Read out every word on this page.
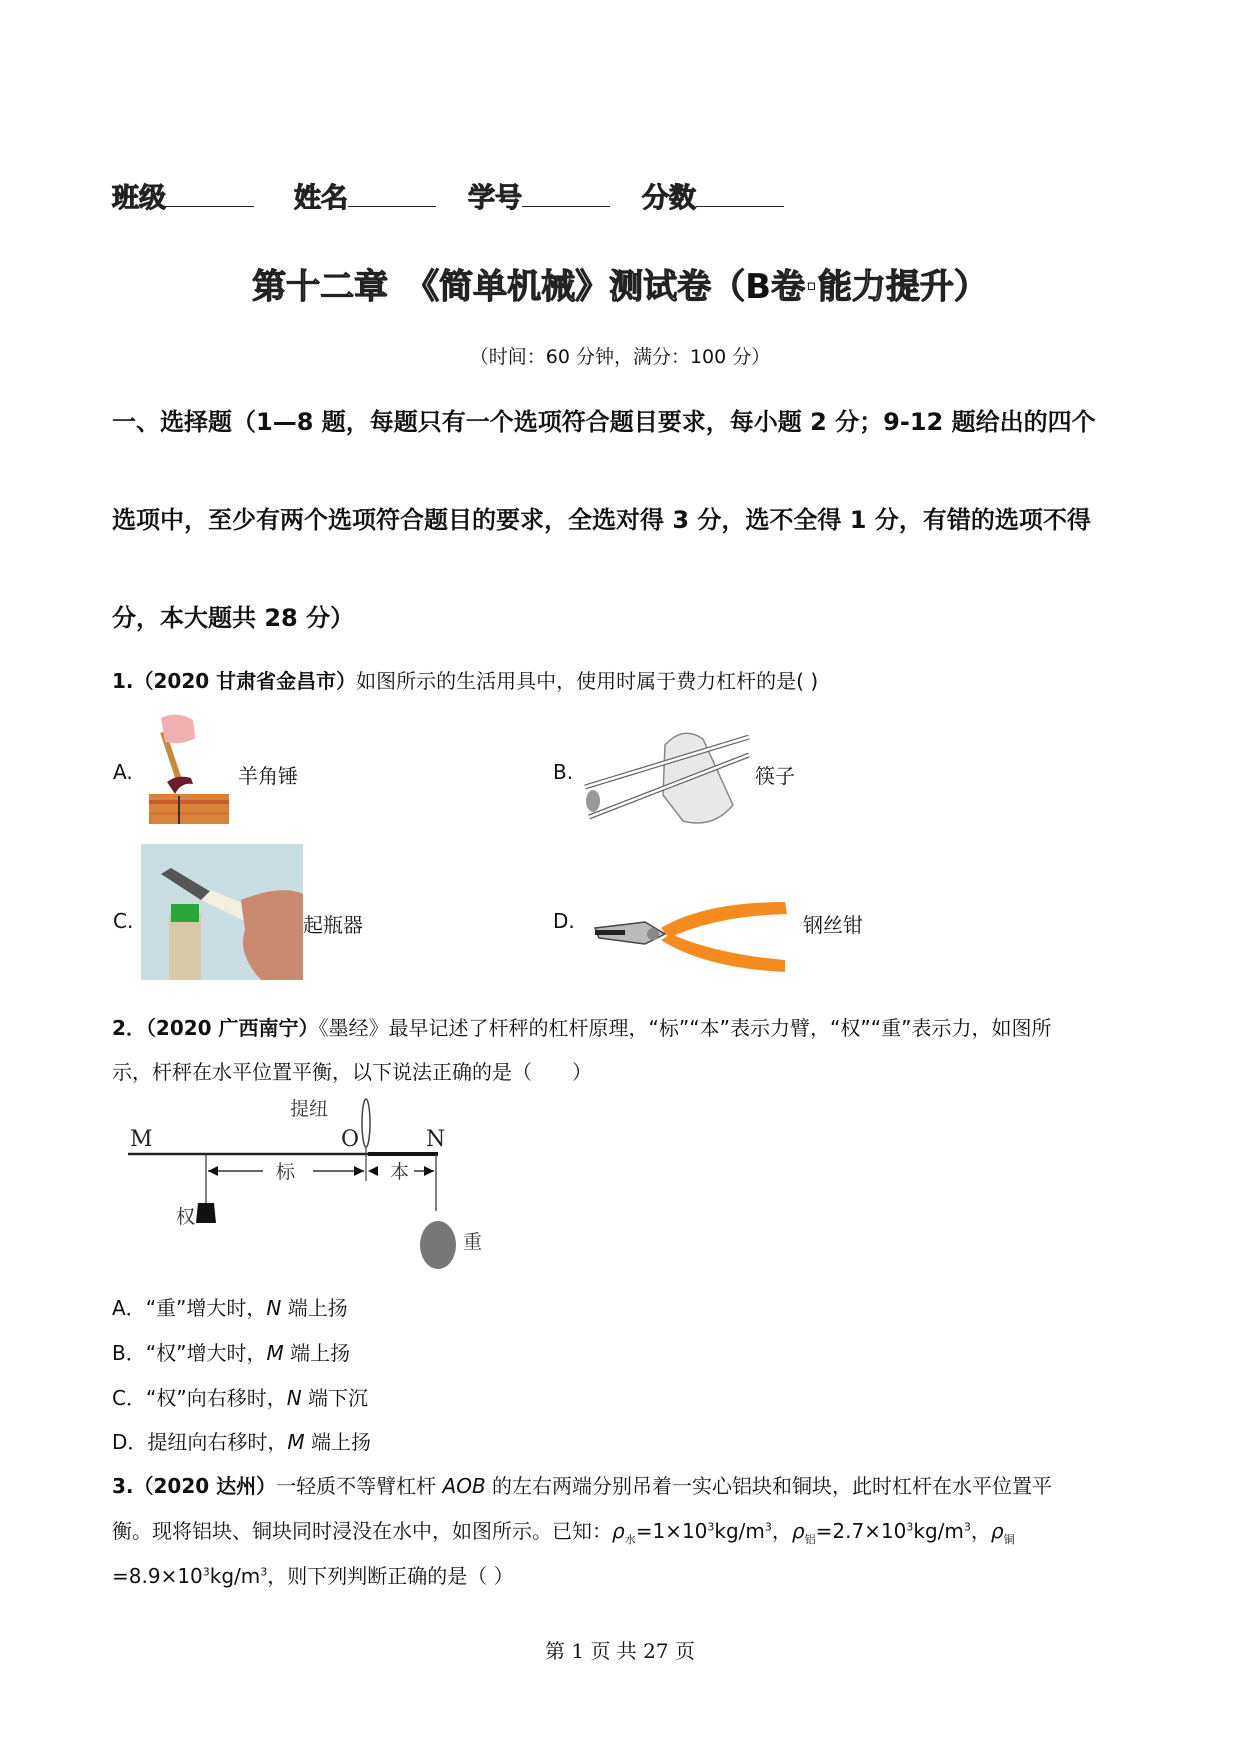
班级	姓名	学号	分数
第十二章　《简单机械》测试卷（B卷·能力提升）
（时间：60 分钟，满分：100 分）
一、选择题（1—8 题，每题只有一个选项符合题目要求，每小题 2 分；9-12 题给出的四个
选项中，至少有两个选项符合题目的要求，全选对得 3 分，选不全得 1 分，有错的选项不得
分，本大题共 28 分）
1.（2020 甘肃省金昌市）如图所示的生活用具中，使用时属于费力杠杆的是( )
A.	羊角锤	B.	筷子
C.	起瓶器	D.	钢丝钳
2．（2020 广西南宁）《墨经》最早记述了杆秤的杠杆原理，“标”“本”表示力臂，“权”“重”表示力，如图所
示，杆秤在水平位置平衡，以下说法正确的是（　　）
M	O	N
提纽
权
标	本
重
A．“重”增大时，N 端上扬
B．“权”增大时，M 端上扬
C．“权”向右移时，N 端下沉
D．提纽向右移时，M 端上扬
3.（2020 达州）一轻质不等臂杠杆 AOB 的左右两端分别吊着一实心铝块和铜块，此时杠杆在水平位置平
衡。现将铝块、铜块同时浸没在水中，如图所示。已知：$\rho_水=1\times 10^3kg/m^3$，$\rho_铝=2.7\times 10^3kg/m^3$，$\rho_铜$
$=8.9\times 10^3kg/m^3$，则下列判断正确的是（ ）
第 1 页 共 27 页
